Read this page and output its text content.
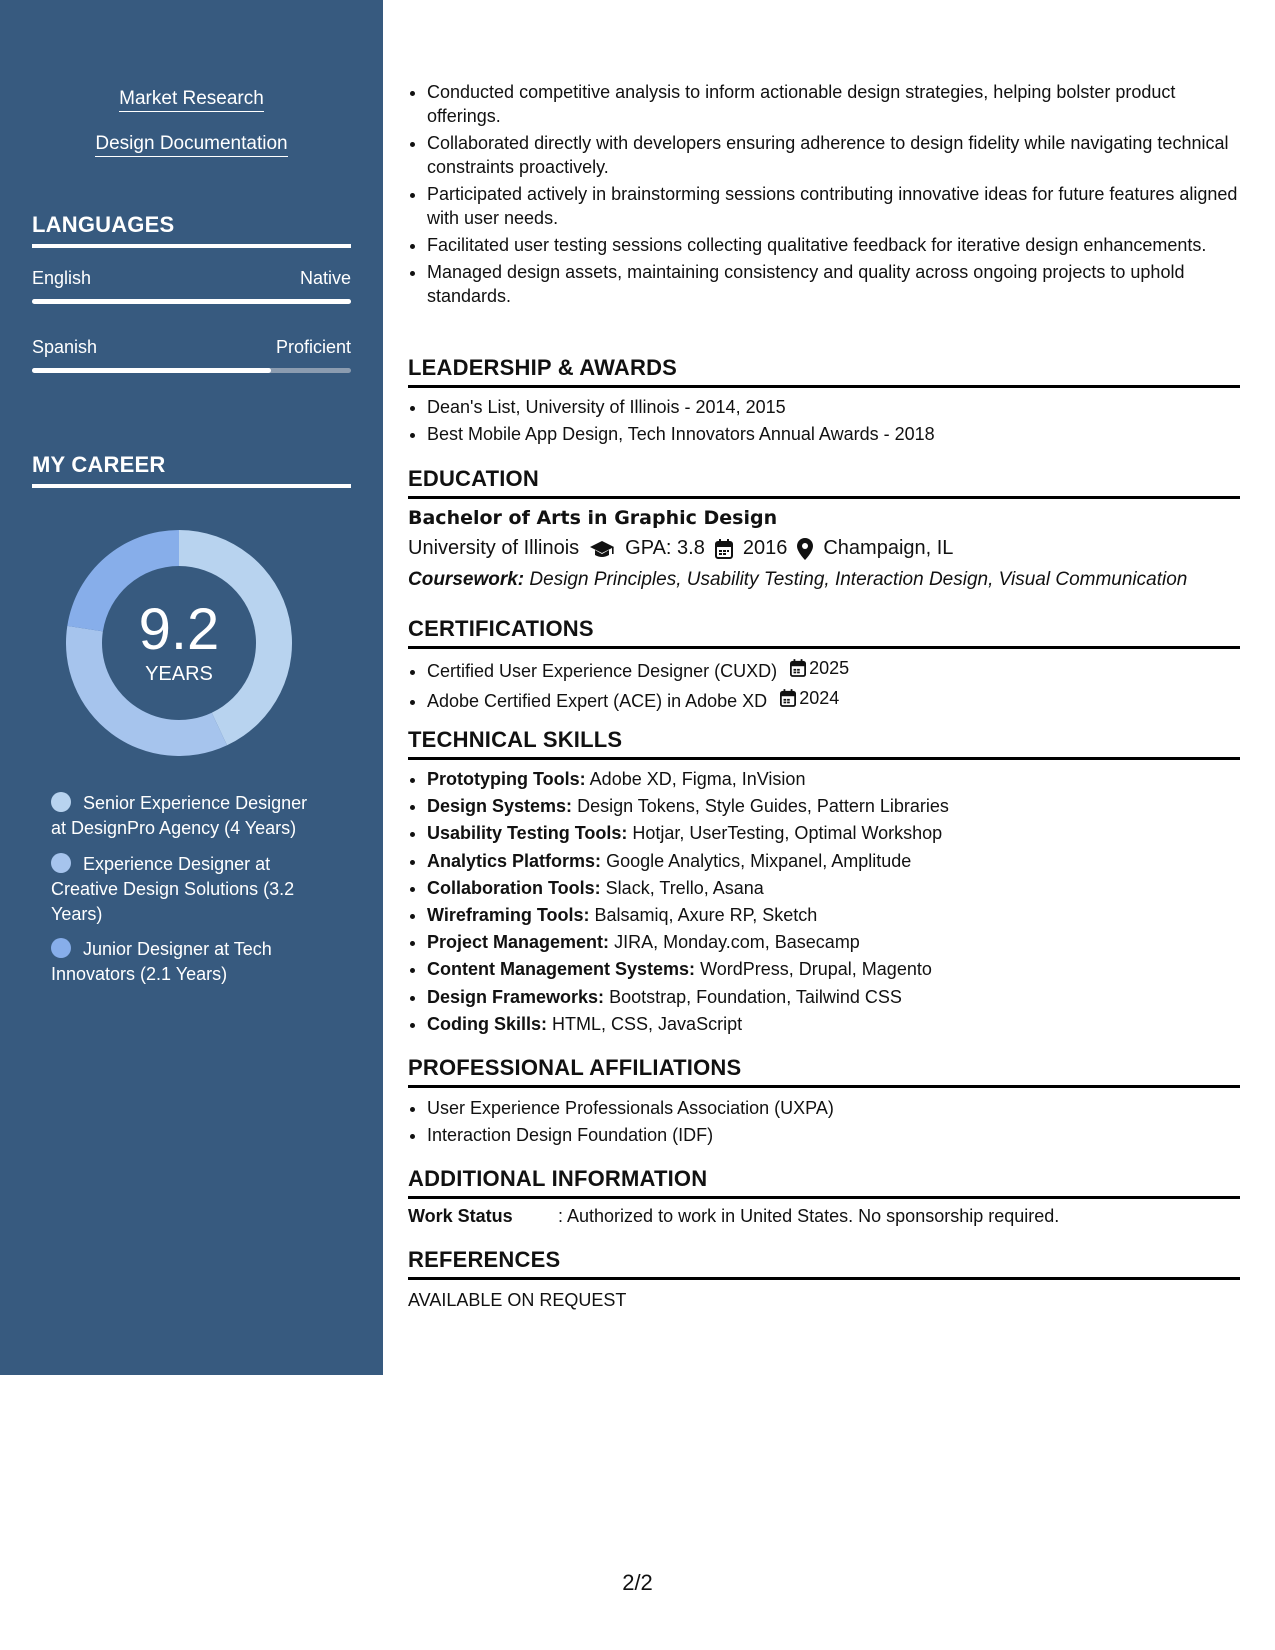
Market Research
Design Documentation
LANGUAGES
English	Native
Spanish	Proficient
MY CAREER
9.2
YEARS
Senior Experience Designer at DesignPro Agency (4 Years)
Experience Designer at Creative Design Solutions (3.2 Years)
Junior Designer at Tech Innovators (2.1 Years)
• Conducted competitive analysis to inform actionable design strategies, helping bolster product offerings.
• Collaborated directly with developers ensuring adherence to design fidelity while navigating technical constraints proactively.
• Participated actively in brainstorming sessions contributing innovative ideas for future features aligned with user needs.
• Facilitated user testing sessions collecting qualitative feedback for iterative design enhancements.
• Managed design assets, maintaining consistency and quality across ongoing projects to uphold standards.
LEADERSHIP & AWARDS
• Dean's List, University of Illinois - 2014, 2015
• Best Mobile App Design, Tech Innovators Annual Awards - 2018
EDUCATION
Bachelor of Arts in Graphic Design
University of Illinois GPA: 3.8 2016 Champaign, IL
Coursework: Design Principles, Usability Testing, Interaction Design, Visual Communication
CERTIFICATIONS
• Certified User Experience Designer (CUXD) 2025
• Adobe Certified Expert (ACE) in Adobe XD 2024
TECHNICAL SKILLS
• Prototyping Tools: Adobe XD, Figma, InVision
• Design Systems: Design Tokens, Style Guides, Pattern Libraries
• Usability Testing Tools: Hotjar, UserTesting, Optimal Workshop
• Analytics Platforms: Google Analytics, Mixpanel, Amplitude
• Collaboration Tools: Slack, Trello, Asana
• Wireframing Tools: Balsamiq, Axure RP, Sketch
• Project Management: JIRA, Monday.com, Basecamp
• Content Management Systems: WordPress, Drupal, Magento
• Design Frameworks: Bootstrap, Foundation, Tailwind CSS
• Coding Skills: HTML, CSS, JavaScript
PROFESSIONAL AFFILIATIONS
• User Experience Professionals Association (UXPA)
• Interaction Design Foundation (IDF)
ADDITIONAL INFORMATION
Work Status	: Authorized to work in United States. No sponsorship required.
REFERENCES
AVAILABLE ON REQUEST
2/2
